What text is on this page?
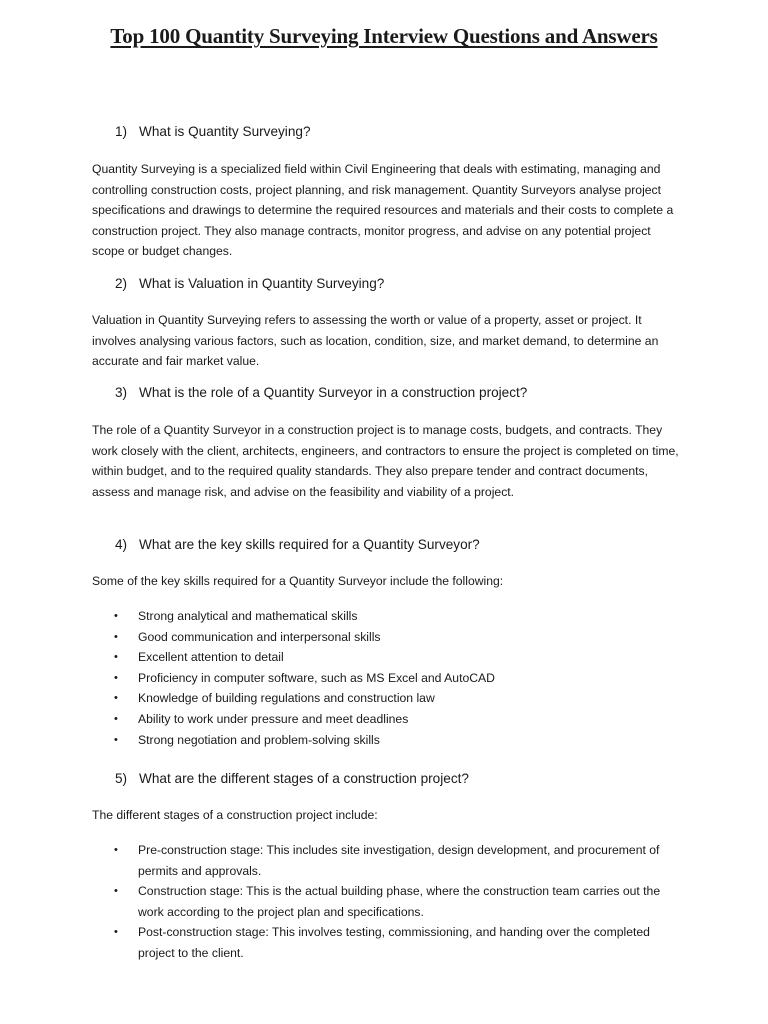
Top 100 Quantity Surveying Interview Questions and Answers
1) What is Quantity Surveying?

Quantity Surveying is a specialized field within Civil Engineering that deals with estimating, managing and controlling construction costs, project planning, and risk management. Quantity Surveyors analyse project specifications and drawings to determine the required resources and materials and their costs to complete a construction project. They also manage contracts, monitor progress, and advise on any potential project scope or budget changes.

2) What is Valuation in Quantity Surveying?

Valuation in Quantity Surveying refers to assessing the worth or value of a property, asset or project. It involves analysing various factors, such as location, condition, size, and market demand, to determine an accurate and fair market value.

3) What is the role of a Quantity Surveyor in a construction project?

The role of a Quantity Surveyor in a construction project is to manage costs, budgets, and contracts. They work closely with the client, architects, engineers, and contractors to ensure the project is completed on time, within budget, and to the required quality standards. They also prepare tender and contract documents, assess and manage risk, and advise on the feasibility and viability of a project.

4) What are the key skills required for a Quantity Surveyor?

Some of the key skills required for a Quantity Surveyor include the following:

• Strong analytical and mathematical skills
• Good communication and interpersonal skills
• Excellent attention to detail
• Proficiency in computer software, such as MS Excel and AutoCAD
• Knowledge of building regulations and construction law
• Ability to work under pressure and meet deadlines
• Strong negotiation and problem-solving skills
5) What are the different stages of a construction project?

The different stages of a construction project include:

• Pre-construction stage: This includes site investigation, design development, and procurement of permits and approvals.
• Construction stage: This is the actual building phase, where the construction team carries out the work according to the project plan and specifications.
• Post-construction stage: This involves testing, commissioning, and handing over the completed project to the client.
